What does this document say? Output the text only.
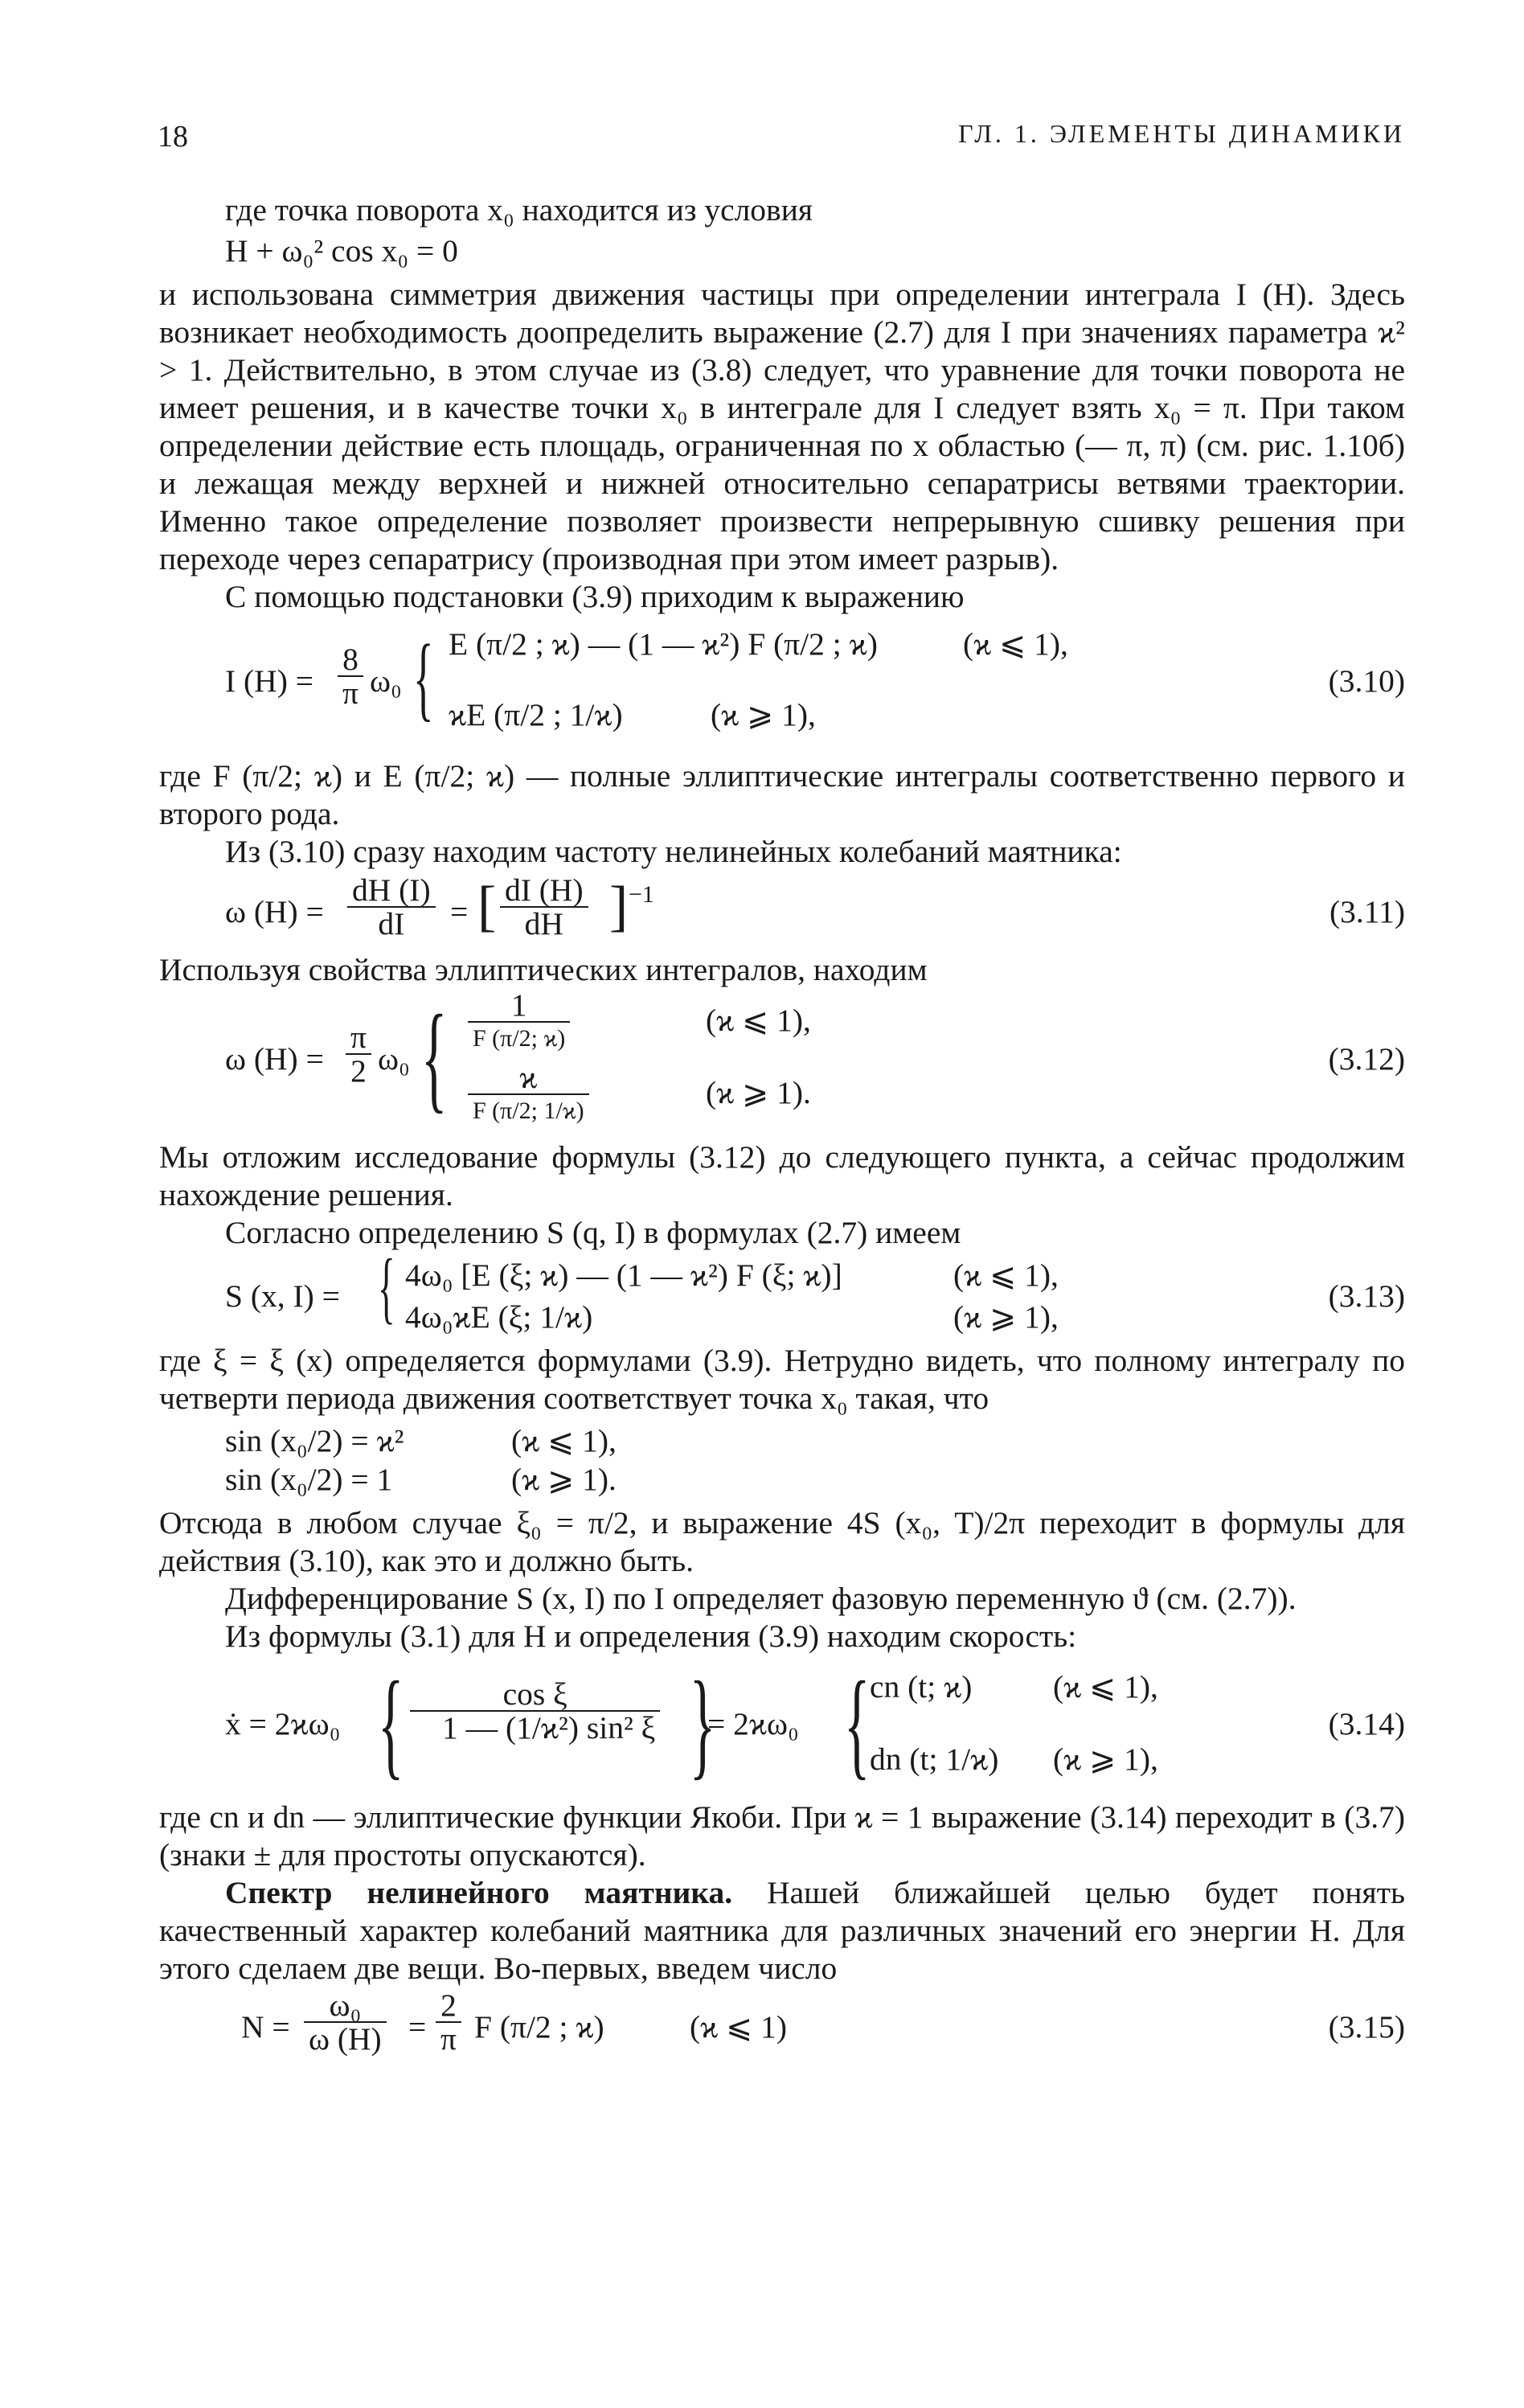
18	ГЛ. 1. ЭЛЕМЕНТЫ ДИНАМИКИ

где точка поворота x₀ находится из условия

H + ω₀² cos x₀ = 0

и использована симметрия движения частицы при определении интеграла I (H). Здесь возникает необходимость доопределить выражение (2.7) для I при значениях параметра ϰ² > 1. Действительно, в этом случае из (3.8) следует, что уравнение для точки поворота не имеет решения, и в качестве точки x₀ в интеграле для I следует взять x₀ = π. При таком определении действие есть площадь, ограниченная по x областью (— π, π) (см. рис. 1.10б) и лежащая между верхней и нижней относительно сепаратрисы ветвями траектории. Именно такое определение позволяет произвести непрерывную сшивку решения при переходе через сепаратрису (производная при этом имеет разрыв).

С помощью подстановки (3.9) приходим к выражению

I $(H) = \frac{8}{\pi} \omega_0$ { E (π/2 ; ϰ) — (1 — ϰ²) F (π/2 ; ϰ)	(ϰ ⩽ 1),
ϰE (π/2 ; 1/ϰ)	(ϰ ⩾ 1),
(3.10)

где F (π/2; ϰ) и E (π/2; ϰ) — полные эллиптические интегралы соответственно первого и второго рода.

Из (3.10) сразу находим частоту нелинейных колебаний маятника:

ω $(H) = \frac{dH (I)}{dI}$ = [ $\frac{dI (H)}{dH}$ ] −1	(3.11)

Используя свойства эллиптических интегралов, находим

ω $(H) = \frac{\pi}{2} \omega_0$ {	1
F (π/2; ϰ)
(ϰ ⩽ 1),
ϰ
F (π/2; 1/ϰ)
(ϰ ⩾ 1).
(3.12)

Мы отложим исследование формулы (3.12) до следующего пункта, а сейчас продолжим нахождение решения.

Согласно определению S (q, I) в формулах (2.7) имеем

S (x, I) = { 4ω₀ [E (ξ; ϰ) — (1 — ϰ²) F (ξ; ϰ)]	(ϰ ⩽ 1),
4ω₀ϰE (ξ; 1/ϰ)	(ϰ ⩾ 1),
(3.13)

где ξ = ξ (x) определяется формулами (3.9). Нетрудно видеть, что полному интегралу по четверти периода движения соответствует точка x₀ такая, что

sin (x₀/2) = ϰ²	(ϰ ⩽ 1),
sin (x₀/2) = 1	(ϰ ⩾ 1).

Отсюда в любом случае ξ₀ = π/2, и выражение 4S (x₀, T)/2π переходит в формулы для действия (3.10), как это и должно быть.

Дифференцирование S (x, I) по I определяет фазовую переменную ϑ (см. (2.7)).

Из формулы (3.1) для H и определения (3.9) находим скорость:

ẋ = 2ϰω₀ { $\frac{\text{cos ξ}}{\text{1 — (1/ϰ²) sin² ξ}}$ {
= 2ϰω₀ { cn (t; ϰ)	(ϰ ⩽ 1),
dn (t; 1/ϰ) (ϰ ⩾ 1),
(3.14)

где cn и dn — эллиптические функции Якоби. При ϰ = 1 выражение (3.14) переходит в (3.7) (знаки ± для простоты опускаются).

Спектр нелинейного маятника. Нашей ближайшей целью будет понять качественный характер колебаний маятника для различных значений его энергии H. Для этого сделаем две вещи. Во-первых, введем число

$N = \frac{\text{ω₀}}{\omega (H)} = \frac{2}{\pi}$ F (π/2 ; ϰ)	(ϰ ⩽ 1)	(3.15)
